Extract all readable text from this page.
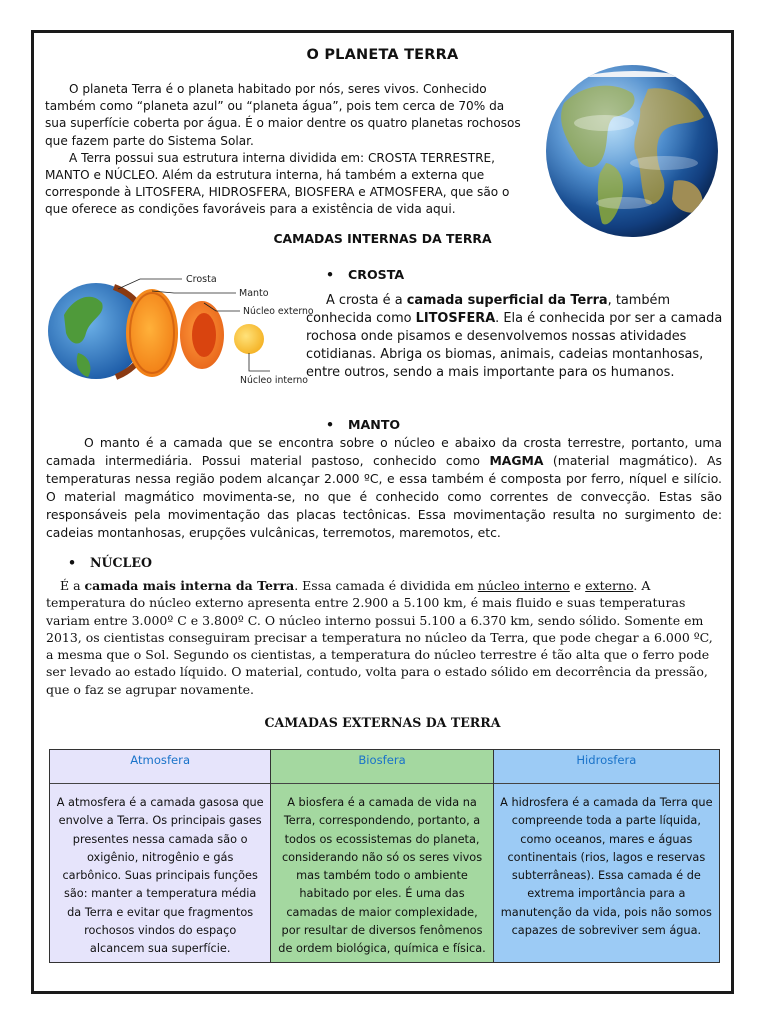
O PLANETA TERRA

O planeta Terra é o planeta habitado por nós, seres vivos. Conhecido também como “planeta azul” ou “planeta água”, pois tem cerca de 70% da sua superfície coberta por água. É o maior dentre os quatro planetas rochosos que fazem parte do Sistema Solar.

A Terra possui sua estrutura interna dividida em: CROSTA TERRESTRE, MANTO e NÚCLEO. Além da estrutura interna, há também a externa que corresponde à LITOSFERA, HIDROSFERA, BIOSFERA e ATMOSFERA, que são o que oferece as condições favoráveis para a existência de vida aqui.

CAMADAS INTERNAS DA TERRA
Crosta
Manto
Núcleo externo
Núcleo interno
• CROSTA

A crosta é a camada superficial da Terra, também conhecida como LITOSFERA. Ela é conhecida por ser a camada rochosa onde pisamos e desenvolvemos nossas atividades cotidianas. Abriga os biomas, animais, cadeias montanhosas, entre outros, sendo a mais importante para os humanos.

• MANTO

O manto é a camada que se encontra sobre o núcleo e abaixo da crosta terrestre, portanto, uma camada intermediária. Possui material pastoso, conhecido como MAGMA (material magmático). As temperaturas nessa região podem alcançar 2.000 ºC, e essa também é composta por ferro, níquel e silício. O material magmático movimenta-se, no que é conhecido como correntes de convecção. Estas são responsáveis pela movimentação das placas tectônicas. Essa movimentação resulta no surgimento de: cadeias montanhosas, erupções vulcânicas, terremotos, maremotos, etc.

• NÚCLEO

É a camada mais interna da Terra. Essa camada é dividida em núcleo interno e externo. A temperatura do núcleo externo apresenta entre 2.900 a 5.100 km, é mais fluido e suas temperaturas variam entre 3.000º C e 3.800º C. O núcleo interno possui 5.100 a 6.370 km, sendo sólido. Somente em 2013, os cientistas conseguiram precisar a temperatura no núcleo da Terra, que pode chegar a 6.000 ºC, a mesma que o Sol. Segundo os cientistas, a temperatura do núcleo terrestre é tão alta que o ferro pode ser levado ao estado líquido. O material, contudo, volta para o estado sólido em decorrência da pressão, que o faz se agrupar novamente.

CAMADAS EXTERNAS DA TERRA
Atmosfera
A atmosfera é a camada gasosa que envolve a Terra. Os principais gases presentes nessa camada são o oxigênio, nitrogênio e gás carbônico. Suas principais funções são: manter a temperatura média da Terra e evitar que fragmentos rochosos vindos do espaço alcancem sua superfície.
Biosfera
A biosfera é a camada de vida na Terra, correspondendo, portanto, a todos os ecossistemas do planeta, considerando não só os seres vivos mas também todo o ambiente habitado por eles. É uma das camadas de maior complexidade, por resultar de diversos fenômenos de ordem biológica, química e física.
Hidrosfera
A hidrosfera é a camada da Terra que compreende toda a parte líquida, como oceanos, mares e águas continentais (rios, lagos e reservas subterrâneas). Essa camada é de extrema importância para a manutenção da vida, pois não somos capazes de sobreviver sem água.
